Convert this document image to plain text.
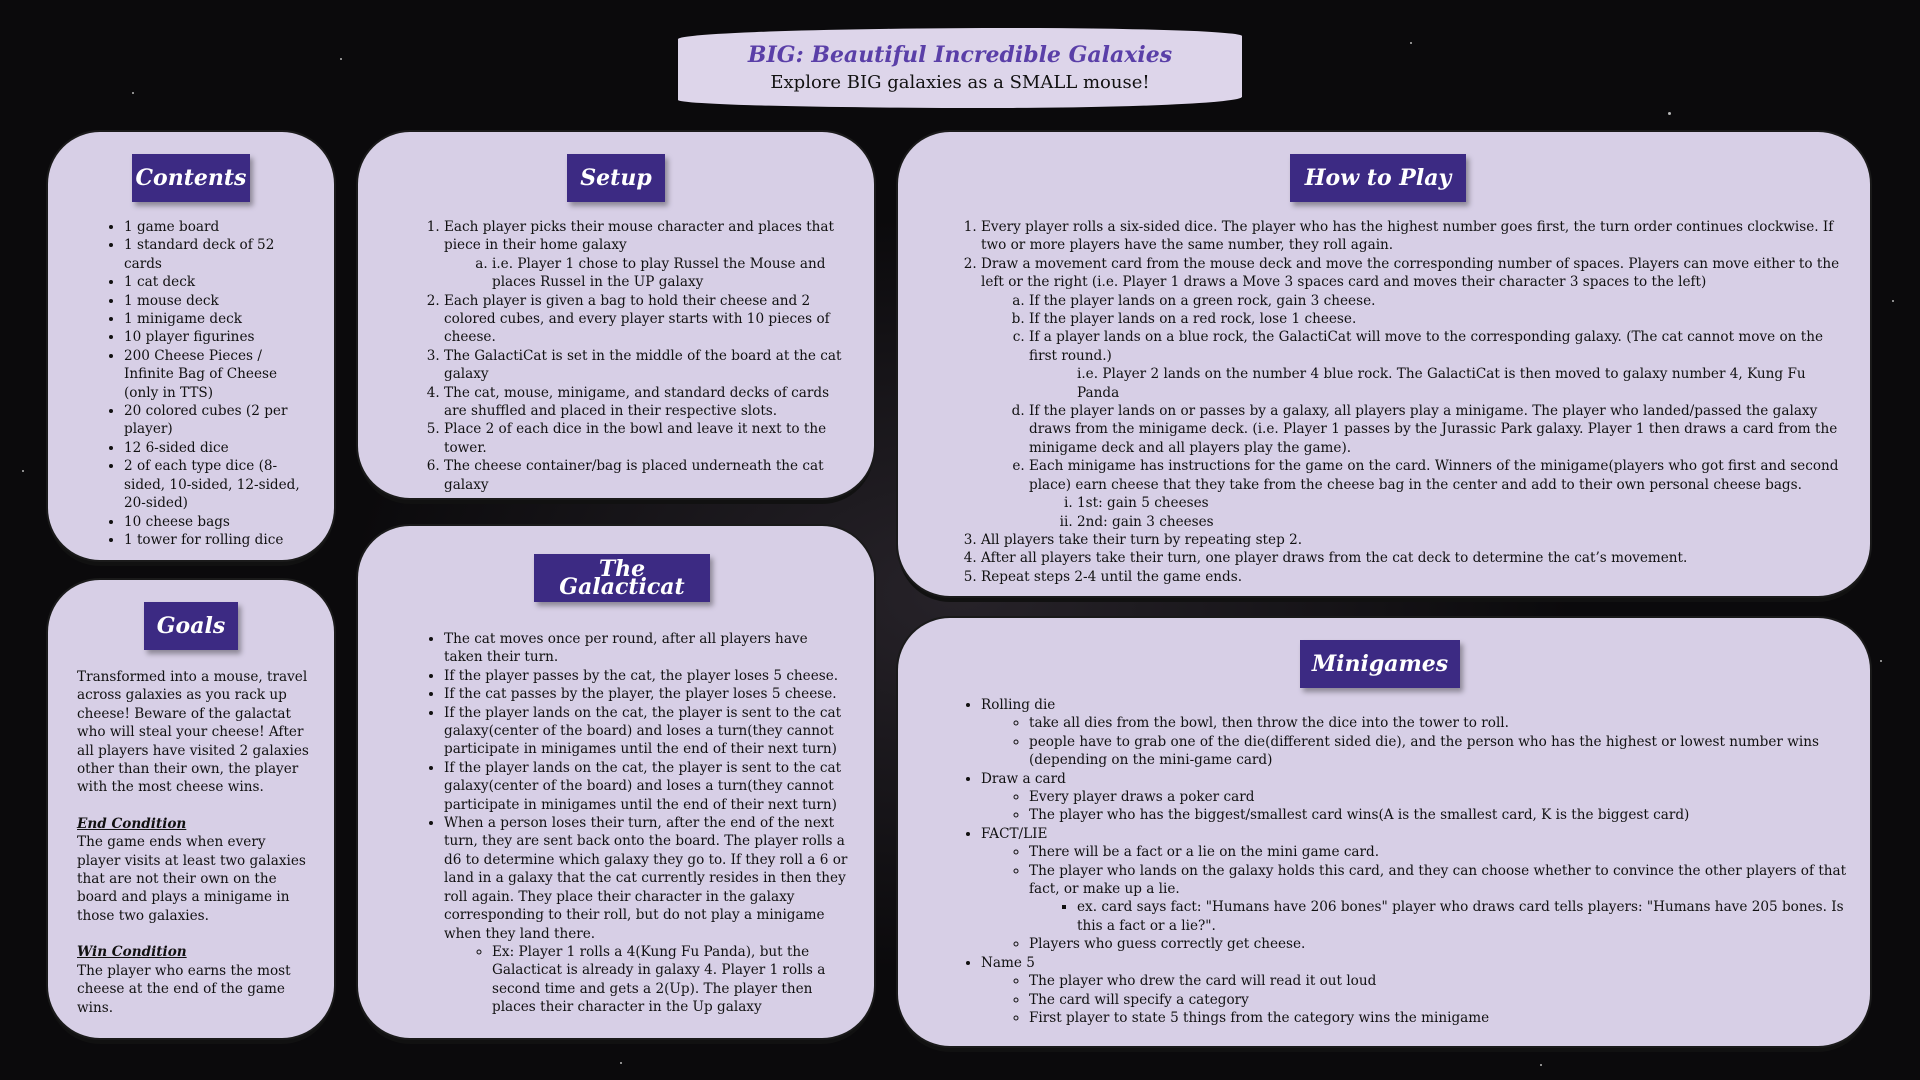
BIG: Beautiful Incredible Galaxies
Explore BIG galaxies as a SMALL mouse!
Contents
• 1 game board
• 1 standard deck of 52 cards
• 1 cat deck
• 1 mouse deck
• 1 minigame deck
• 10 player figurines
• 200 Cheese Pieces / Infinite Bag of Cheese (only in TTS)
• 20 colored cubes (2 per player)
• 12 6-sided dice
• 2 of each type dice (8-sided, 10-sided, 12-sided, 20-sided)
• 10 cheese bags
• 1 tower for rolling dice
Goals

Transformed into a mouse, travel across galaxies as you rack up cheese! Beware of the galactat who will steal your cheese! After all players have visited 2 galaxies other than their own, the player with the most cheese wins.

End Condition

The game ends when every player visits at least two galaxies that are not their own on the board and plays a minigame in those two galaxies.

Win Condition

The player who earns the most cheese at the end of the game wins.

Setup
1. Each player picks their mouse character and places that piece in their home galaxy
a. i.e. Player 1 chose to play Russel the Mouse and places Russel in the UP galaxy
2. Each player is given a bag to hold their cheese and 2 colored cubes, and every player starts with 10 pieces of cheese.
3. The GalactiCat is set in the middle of the board at the cat galaxy
4. The cat, mouse, minigame, and standard decks of cards are shuffled and placed in their respective slots.
5. Place 2 of each dice in the bowl and leave it next to the tower.
6. The cheese container/bag is placed underneath the cat galaxy
The Galacticat
• The cat moves once per round, after all players have taken their turn.
• If the player passes by the cat, the player loses 5 cheese.
• If the cat passes by the player, the player loses 5 cheese.
• If the player lands on the cat, the player is sent to the cat galaxy(center of the board) and loses a turn(they cannot participate in minigames until the end of their next turn)
• If the player lands on the cat, the player is sent to the cat galaxy(center of the board) and loses a turn(they cannot participate in minigames until the end of their next turn)
• When a person loses their turn, after the end of the next turn, they are sent back onto the board. The player rolls a d6 to determine which galaxy they go to. If they roll a 6 or land in a galaxy that the cat currently resides in then they roll again. They place their character in the galaxy corresponding to their roll, but do not play a minigame when they land there.
◦ Ex: Player 1 rolls a 4(Kung Fu Panda), but the Galacticat is already in galaxy 4. Player 1 rolls a second time and gets a 2(Up). The player then places their character in the Up galaxy
How to Play
1. Every player rolls a six-sided dice. The player who has the highest number goes first, the turn order continues clockwise. If two or more players have the same number, they roll again.
2. Draw a movement card from the mouse deck and move the corresponding number of spaces. Players can move either to the left or the right (i.e. Player 1 draws a Move 3 spaces card and moves their character 3 spaces to the left)
a. If the player lands on a green rock, gain 3 cheese.
b. If the player lands on a red rock, lose 1 cheese.
c. If a player lands on a blue rock, the GalactiCat will move to the corresponding galaxy. (The cat cannot move on the first round.)
i.e. Player 2 lands on the number 4 blue rock. The GalactiCat is then moved to galaxy number 4, Kung Fu Panda
d. If the player lands on or passes by a galaxy, all players play a minigame. The player who landed/passed the galaxy draws from the minigame deck. (i.e. Player 1 passes by the Jurassic Park galaxy. Player 1 then draws a card from the minigame deck and all players play the game).
e. Each minigame has instructions for the game on the card. Winners of the minigame(players who got first and second place) earn cheese that they take from the cheese bag in the center and add to their own personal cheese bags.
i. 1st: gain 5 cheeses
ii. 2nd: gain 3 cheeses
3. All players take their turn by repeating step 2.
4. After all players take their turn, one player draws from the cat deck to determine the cat’s movement.
5. Repeat steps 2-4 until the game ends.
Minigames
• Rolling die
◦ take all dies from the bowl, then throw the dice into the tower to roll.
◦ people have to grab one of the die(different sided die), and the person who has the highest or lowest number wins (depending on the mini-game card)
• Draw a card
◦ Every player draws a poker card
◦ The player who has the biggest/smallest card wins(A is the smallest card, K is the biggest card)
• FACT/LIE
◦ There will be a fact or a lie on the mini game card.
◦ The player who lands on the galaxy holds this card, and they can choose whether to convince the other players of that fact, or make up a lie.
▪ ex. card says fact: "Humans have 206 bones" player who draws card tells players: "Humans have 205 bones. Is this a fact or a lie?".
◦ Players who guess correctly get cheese.
• Name 5
◦ The player who drew the card will read it out loud
◦ The card will specify a category
◦ First player to state 5 things from the category wins the minigame
